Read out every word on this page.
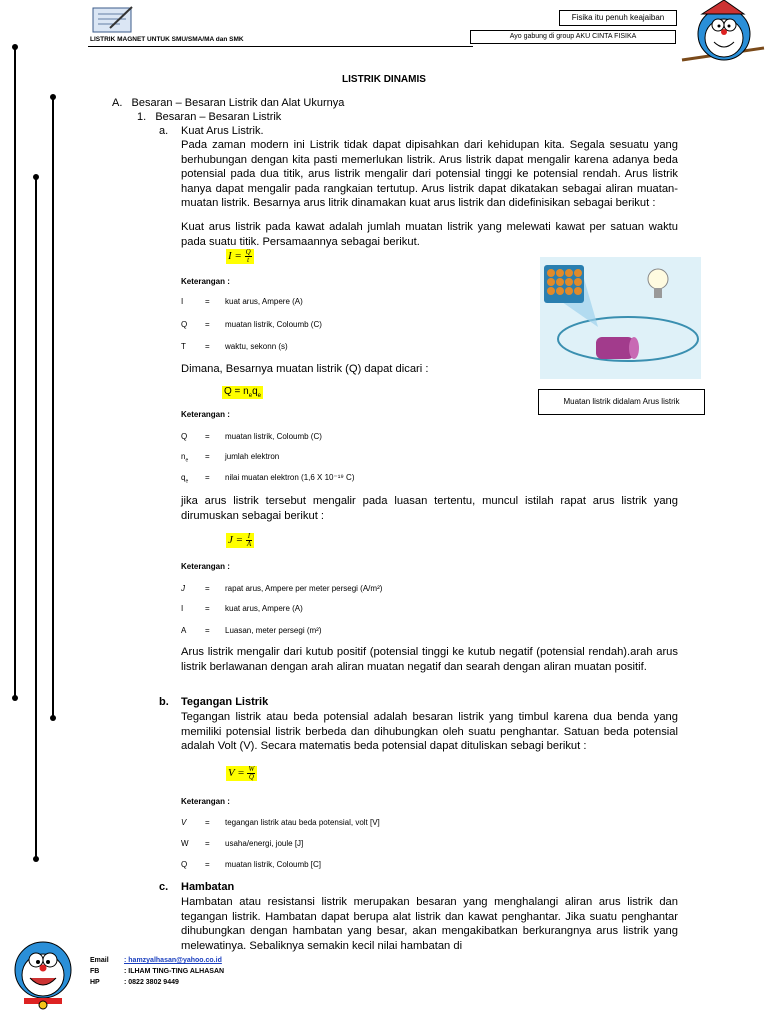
LISTRIK MAGNET UNTUK SMU/SMA/MA dan SMK
Fisika itu penuh keajaiban
Ayo gabung di group AKU CINTA FISIKA
LISTRIK DINAMIS
A.   Besaran – Besaran Listrik dan Alat Ukurnya
1.   Besaran – Besaran Listrik
a. Kuat Arus Listrik.
Pada zaman modern ini Listrik tidak dapat dipisahkan dari kehidupan kita. Segala sesuatu yang berhubungan dengan kita pasti memerlukan listrik. Arus listrik dapat mengalir karena adanya beda potensial pada dua titik, arus listrik mengalir dari potensial tinggi ke potensial rendah. Arus listrik hanya dapat mengalir pada rangkaian tertutup. Arus listrik dapat dikatakan sebagai aliran muatan-muatan listrik. Besarnya arus litrik dinamakan kuat arus listrik dan didefinisikan sebagai berikut :
Kuat arus listrik pada kawat adalah jumlah muatan listrik yang melewati kawat per satuan waktu pada suatu titik. Persamaannya sebagai berikut.
$I = \frac{Q}{t}$
Keterangan :
I	= kuat arus, Ampere (A)
Q = muatan listrik, Coloumb (C)
T = waktu, sekonn (s)
Dimana, Besarnya muatan listrik (Q) dapat dicari :
$Q = n_eq_e$
Keterangan :
Q = muatan listrik, Coloumb (C)
$n_e$ = jumlah elektron
$q_e$ = nilai muatan elektron (1,6 X 10⁻¹⁹ C)
jika arus listrik tersebut mengalir pada luasan tertentu, muncul istilah rapat arus listrik yang dirumuskan sebagai berikut :
$J = \frac{I}{A}$
Keterangan :
J	= rapat arus, Ampere per meter persegi (A/m²)
I	= kuat arus, Ampere (A)
A = Luasan, meter persegi (m²)
Arus listrik mengalir dari kutub positif (potensial tinggi ke kutub negatif (potensial rendah).arah arus listrik berlawanan dengan arah aliran muatan negatif dan searah dengan aliran muatan positif.
Muatan listrik didalam Arus listrik
b. Tegangan Listrik
Tegangan listrik atau beda potensial adalah besaran listrik yang timbul karena dua benda yang memiliki potensial listrik berbeda dan dihubungkan oleh suatu penghantar. Satuan beda potensial adalah Volt (V). Secara matematis beda potensial dapat dituliskan sebagi berikut :
$V = \frac{W}{Q}$
Keterangan :
V = tegangan listrik atau beda potensial, volt [V]
W = usaha/energi, joule [J]
Q = muatan listrik, Coloumb [C]
c. Hambatan
Hambatan atau resistansi listrik merupakan besaran yang menghalangi aliran arus listrik dan tegangan listrik. Hambatan dapat berupa alat listrik dan kawat penghantar. Jika suatu penghantar dihubungkan dengan hambatan yang besar, akan mengakibatkan berkurangnya arus listrik yang melewatinya. Sebaliknya semakin kecil nilai hambatan di
Email : hamzyalhasan@yahoo.co.id
FB	: ILHAM TING-TING ALHASAN
HP	: 0822 3802 9449
